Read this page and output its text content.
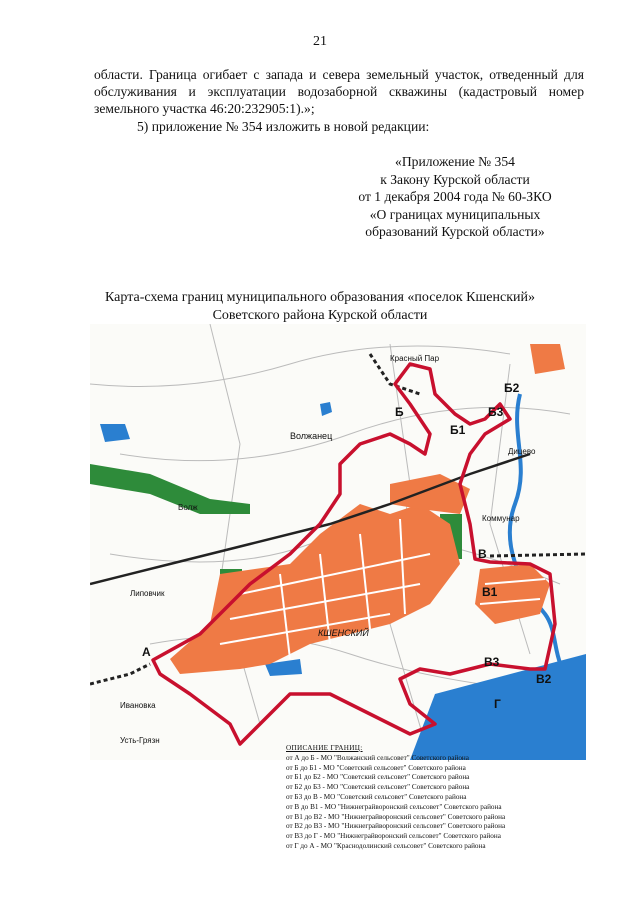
21
области. Граница огибает с запада и севера земельный участок, отведенный для обслуживания и эксплуатации водозаборной скважины (кадастровый номер земельного участка 46:20:232905:1).»;
5) приложение № 354 изложить в новой редакции:
«Приложение № 354
к Закону Курской области
от 1 декабря 2004 года № 60-ЗКО
«О границах муниципальных
образований Курской области»
Карта-схема границ муниципального образования «поселок Кшенский»
Советского района Курской области
А
Б
Б1
Б2
Б3
В
В1
В2
В3
Г
Волжанец
КШЕНСКИЙ
Липовчик
Коммунар
Дицево
Ивановка
Усть-Грязн
Красный Пар
Волж
ОПИСАНИЕ ГРАНИЦ:
от А до Б - МО "Волжанский сельсовет" Советского района
от Б до Б1 - МО "Советский сельсовет" Советского района
от Б1 до Б2 - МО "Советский сельсовет" Советского района
от Б2 до Б3 - МО "Советский сельсовет" Советского района
от Б3 до В - МО "Советский сельсовет" Советского района
от В до В1 - МО "Нижнеграйворонский сельсовет" Советского района
от В1 до В2 - МО "Нижнеграйворонский сельсовет" Советского района
от В2 до В3 - МО "Нижнеграйворонский сельсовет" Советского района
от В3 до Г - МО "Нижнеграйворонский сельсовет" Советского района
от Г до А - МО "Краснодолинский сельсовет" Советского района
